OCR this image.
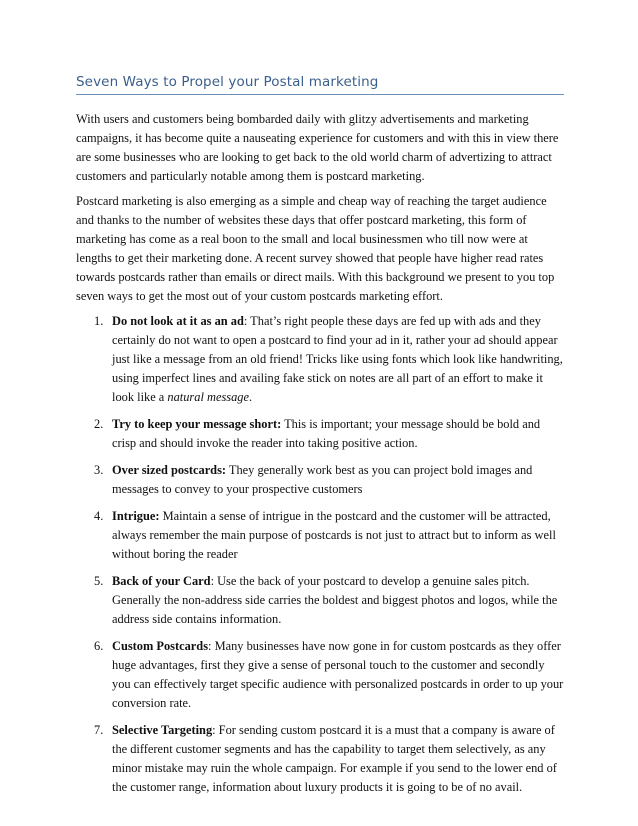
Seven Ways to Propel your Postal marketing

With users and customers being bombarded daily with glitzy advertisements and marketing campaigns, it has become quite a nauseating experience for customers and with this in view there are some businesses who are looking to get back to the old world charm of advertizing to attract customers and particularly notable among them is postcard marketing.

Postcard marketing is also emerging as a simple and cheap way of reaching the target audience and thanks to the number of websites these days that offer postcard marketing, this form of marketing has come as a real boon to the small and local businessmen who till now were at lengths to get their marketing done. A recent survey showed that people have higher read rates towards postcards rather than emails or direct mails. With this background we present to you top seven ways to get the most out of your custom postcards marketing effort.

1. Do not look at it as an ad: That’s right people these days are fed up with ads and they certainly do not want to open a postcard to find your ad in it, rather your ad should appear just like a message from an old friend! Tricks like using fonts which look like handwriting, using imperfect lines and availing fake stick on notes are all part of an effort to make it look like a natural message.
2. Try to keep your message short: This is important; your message should be bold and crisp and should invoke the reader into taking positive action.
3. Over sized postcards: They generally work best as you can project bold images and messages to convey to your prospective customers
4. Intrigue: Maintain a sense of intrigue in the postcard and the customer will be attracted, always remember the main purpose of postcards is not just to attract but to inform as well without boring the reader
5. Back of your Card: Use the back of your postcard to develop a genuine sales pitch. Generally the non-address side carries the boldest and biggest photos and logos, while the address side contains information.
6. Custom Postcards: Many businesses have now gone in for custom postcards as they offer huge advantages, first they give a sense of personal touch to the customer and secondly you can effectively target specific audience with personalized postcards in order to up your conversion rate.
7. Selective Targeting: For sending custom postcard it is a must that a company is aware of the different customer segments and has the capability to target them selectively, as any minor mistake may ruin the whole campaign. For example if you send to the lower end of the customer range, information about luxury products it is going to be of no avail.
